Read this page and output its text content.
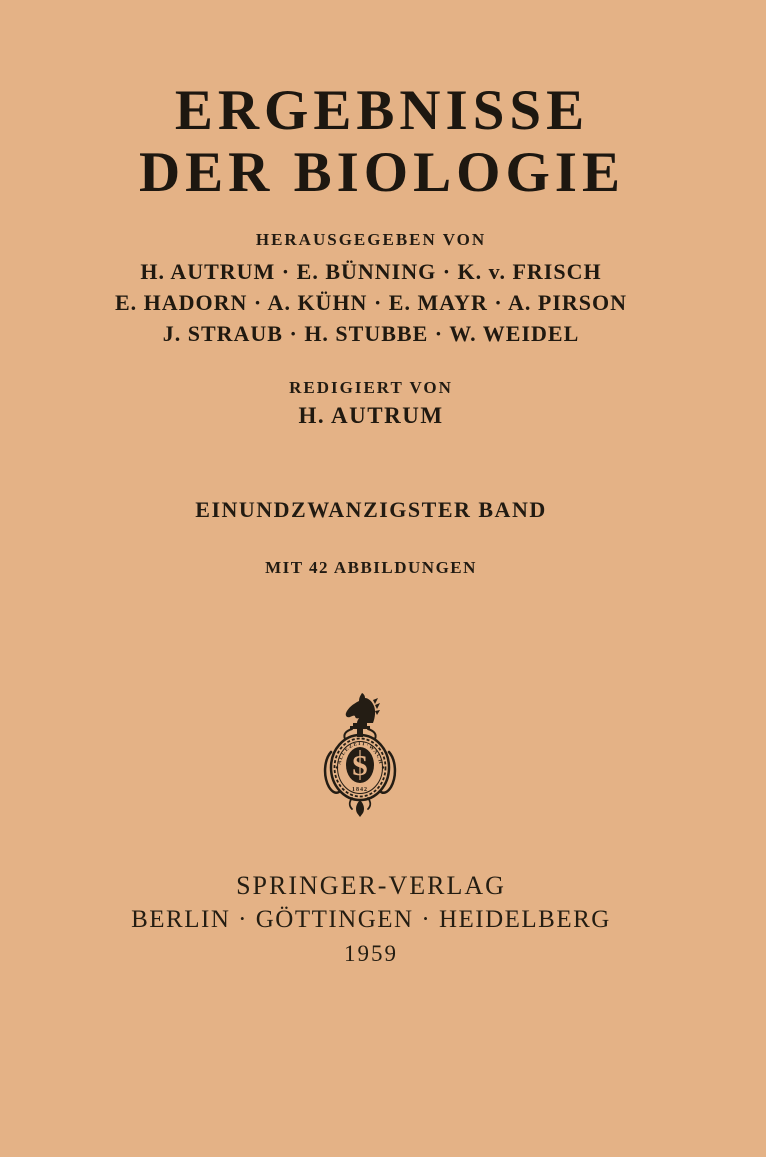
ERGEBNISSE
DER BIOLOGIE
HERAUSGEGEBEN VON
H. AUTRUM · E. BÜNNING · K. v. FRISCH
E. HADORN · A. KÜHN · E. MAYR · A. PIRSON
J. STRAUB · H. STUBBE · W. WEIDEL
REDIGIERT VON
H. AUTRUM
EINUNDZWANZIGSTER BAND
MIT 42 ABBILDUNGEN
ALLEZEIT·WACH
1842
S
SPRINGER-VERLAG
BERLIN · GÖTTINGEN · HEIDELBERG
1959
